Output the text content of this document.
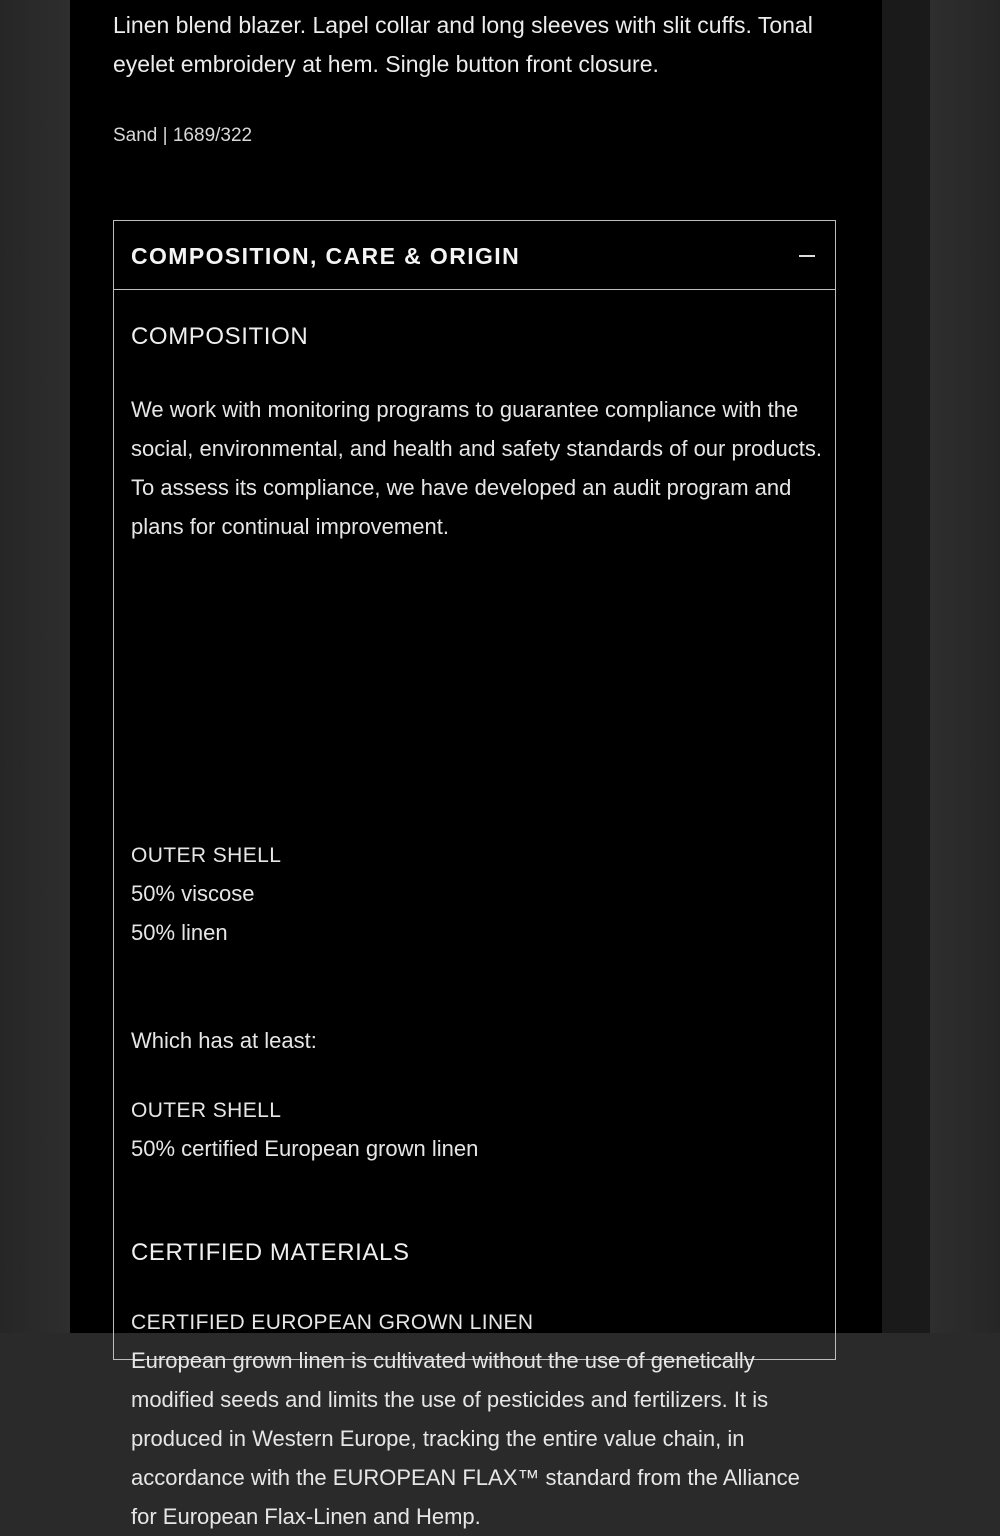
Linen blend blazer. Lapel collar and long sleeves with slit cuffs. Tonal eyelet embroidery at hem. Single button front closure.

Sand | 1689/322
COMPOSITION, CARE & ORIGIN
COMPOSITION

We work with monitoring programs to guarantee compliance with the social, environmental, and health and safety standards of our products. To assess its compliance, we have developed an audit program and plans for continual improvement.

OUTER SHELL
50% viscose
50% linen
Which has at least:
OUTER SHELL
50% certified European grown linen
CERTIFIED MATERIALS
CERTIFIED EUROPEAN GROWN LINEN

European grown linen is cultivated without the use of genetically modified seeds and limits the use of pesticides and fertilizers. It is produced in Western Europe, tracking the entire value chain, in accordance with the EUROPEAN FLAX™ standard from the Alliance for European Flax-Linen and Hemp.
